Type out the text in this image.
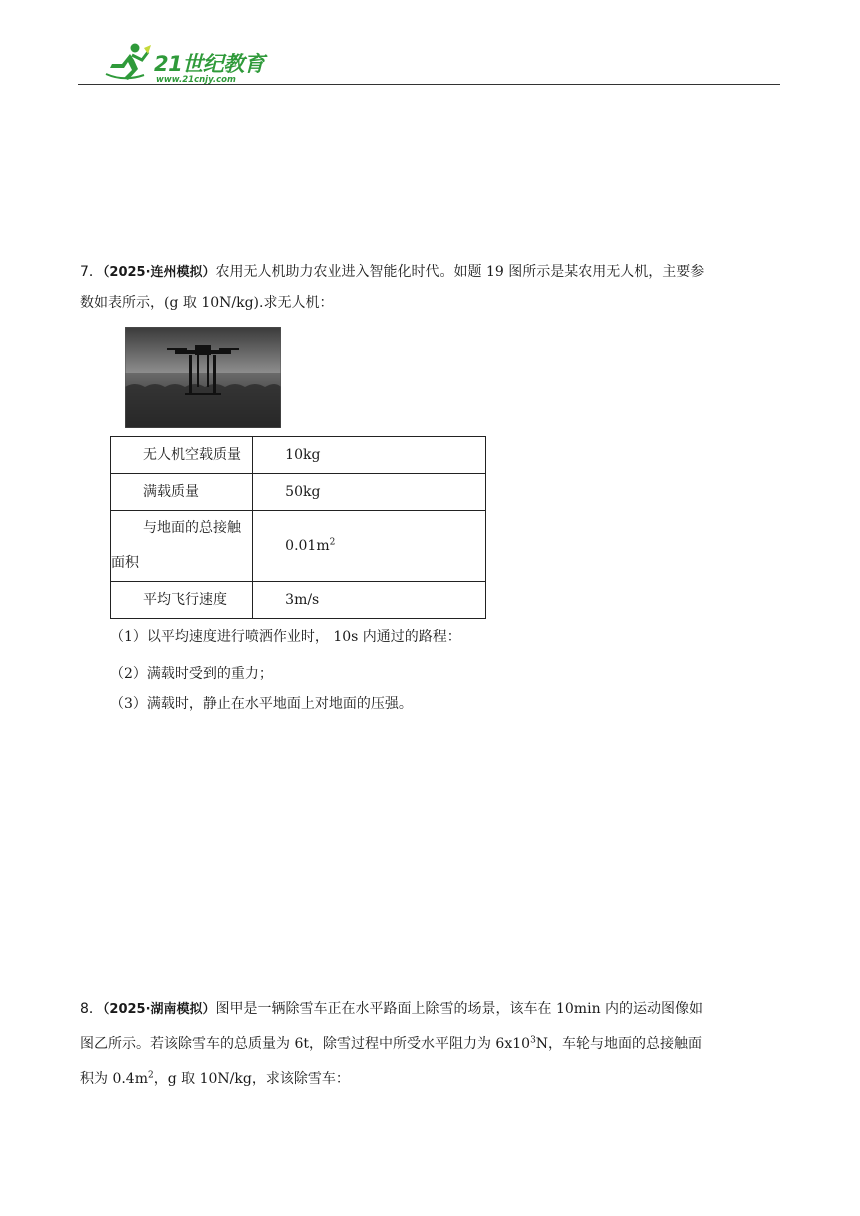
21世纪教育
www.21cnjy.com
7．（2025·连州模拟）农用无人机助力农业进入智能化时代。如题 19 图所示是某农用无人机，主要参
数如表所示，(g 取 10N/kg).求无人机：
无人机空载质量	10kg

满载质量	50kg

与地面的总接触
面积	$0.01m^2$

平均飞行速度	3m/s
（1）以平均速度进行喷洒作业时， 10s 内通过的路程：
（2）满载时受到的重力；
（3）满载时，静止在水平地面上对地面的压强。
8．（2025·湖南模拟）图甲是一辆除雪车正在水平路面上除雪的场景，该车在 10min 内的运动图像如
图乙所示。若该除雪车的总质量为 6t，除雪过程中所受水平阻力为 $6x10^3N$，车轮与地面的总接触面
积为 $0.4m^2$，g 取 10N/kg，求该除雪车：
